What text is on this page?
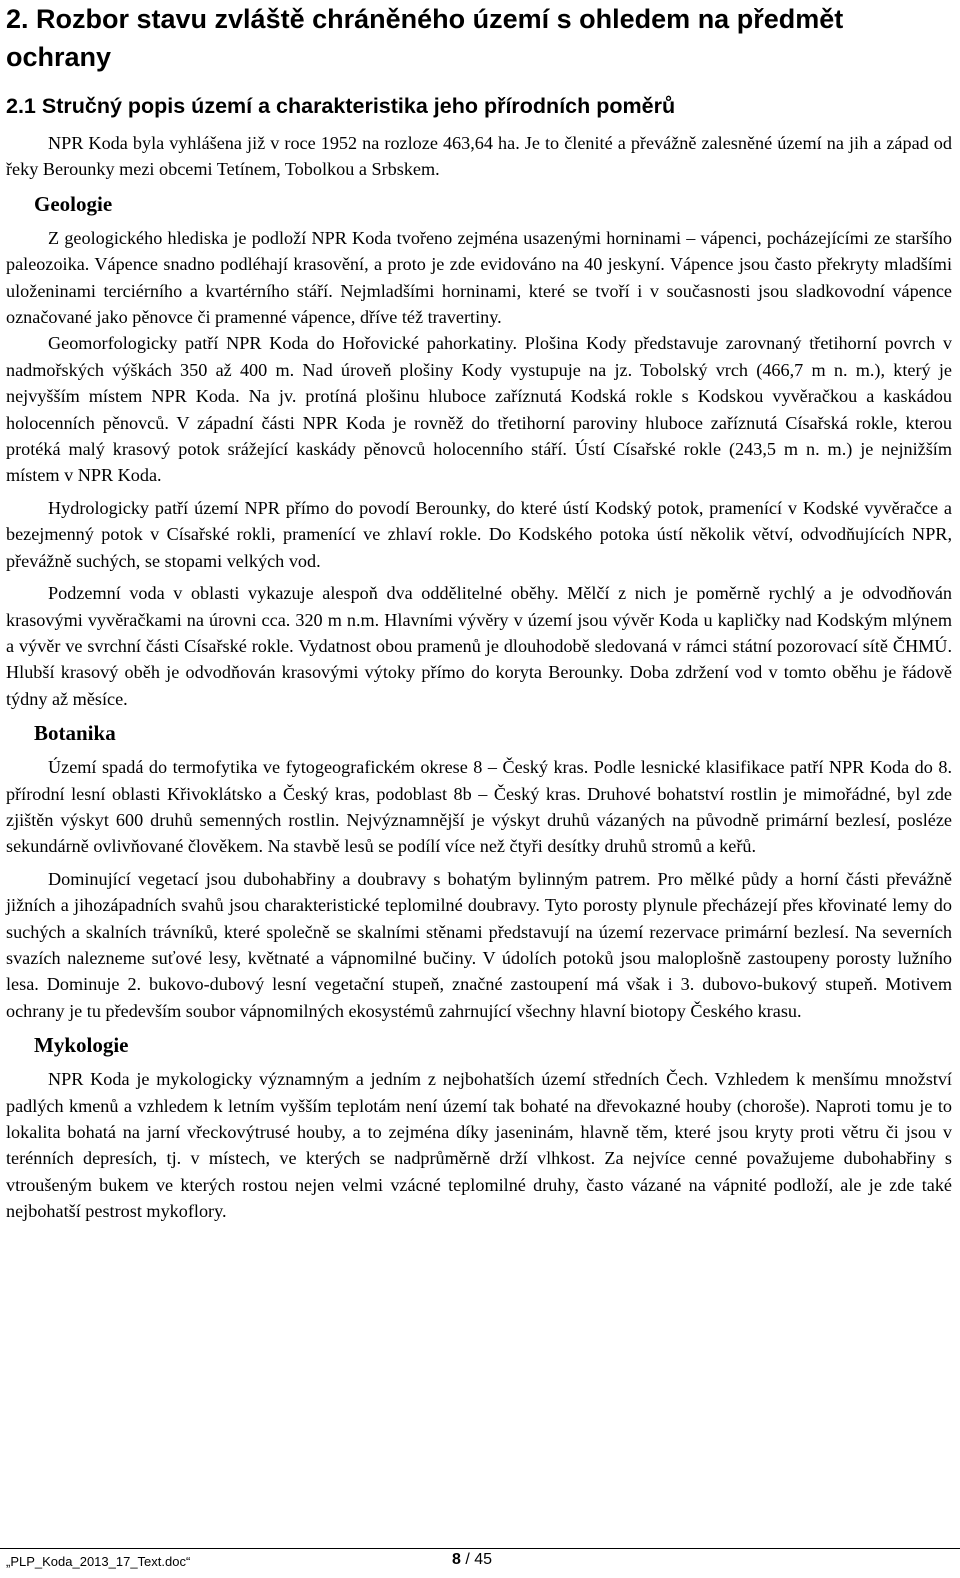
2. Rozbor stavu zvláště chráněného území s ohledem na předmět ochrany
2.1 Stručný popis území a charakteristika jeho přírodních poměrů

NPR Koda byla vyhlášena již v roce 1952 na rozloze 463,64 ha. Je to členité a převážně zalesněné území na jih a západ od řeky Berounky mezi obcemi Tetínem, Tobolkou a Srbskem.

Geologie

Z geologického hlediska je podloží NPR Koda tvořeno zejména usazenými horninami – vápenci, pocházejícími ze staršího paleozoika. Vápence snadno podléhají krasovění, a proto je zde evidováno na 40 jeskyní. Vápence jsou často překryty mladšími uloženinami terciérního a kvartérního stáří. Nejmladšími horninami, které se tvoří i v současnosti jsou sladkovodní vápence označované jako pěnovce či pramenné vápence, dříve též travertiny.

Geomorfologicky patří NPR Koda do Hořovické pahorkatiny. Plošina Kody představuje zarovnaný třetihorní povrch v nadmořských výškách 350 až 400 m. Nad úroveň plošiny Kody vystupuje na jz. Tobolský vrch (466,7 m n. m.), který je nejvyšším místem NPR Koda. Na jv. protíná plošinu hluboce zaříznutá Kodská rokle s Kodskou vyvěračkou a kaskádou holocenních pěnovců. V západní části NPR Koda je rovněž do třetihorní paroviny hluboce zaříznutá Císařská rokle, kterou protéká malý krasový potok srážející kaskády pěnovců holocenního stáří. Ústí Císařské rokle (243,5 m n. m.) je nejnižším místem v NPR Koda.

Hydrologicky patří území NPR přímo do povodí Berounky, do které ústí Kodský potok, pramenící v Kodské vyvěračce a bezejmenný potok v Císařské rokli, pramenící ve zhlaví rokle. Do Kodského potoka ústí několik větví, odvodňujících NPR, převážně suchých, se stopami velkých vod.

Podzemní voda v oblasti vykazuje alespoň dva oddělitelné oběhy. Mělčí z nich je poměrně rychlý a je odvodňován krasovými vyvěračkami na úrovni cca. 320 m n.m. Hlavními vývěry v území jsou vývěr Koda u kapličky nad Kodským mlýnem a vývěr ve svrchní části Císařské rokle. Vydatnost obou pramenů je dlouhodobě sledovaná v rámci státní pozorovací sítě ČHMÚ. Hlubší krasový oběh je odvodňován krasovými výtoky přímo do koryta Berounky. Doba zdržení vod v tomto oběhu je řádově týdny až měsíce.

Botanika

Území spadá do termofytika ve fytogeografickém okrese 8 – Český kras. Podle lesnické klasifikace patří NPR Koda do 8. přírodní lesní oblasti Křivoklátsko a Český kras, podoblast 8b – Český kras. Druhové bohatství rostlin je mimořádné, byl zde zjištěn výskyt 600 druhů semenných rostlin. Nejvýznamnější je výskyt druhů vázaných na původně primární bezlesí, posléze sekundárně ovlivňované člověkem. Na stavbě lesů se podílí více než čtyři desítky druhů stromů a keřů.

Dominující vegetací jsou dubohabřiny a doubravy s bohatým bylinným patrem. Pro mělké půdy a horní části převážně jižních a jihozápadních svahů jsou charakteristické teplomilné doubravy. Tyto porosty plynule přecházejí přes křovinaté lemy do suchých a skalních trávníků, které společně se skalními stěnami představují na území rezervace primární bezlesí. Na severních svazích nalezneme suťové lesy, květnaté a vápnomilné bučiny. V údolích potoků jsou maloplošně zastoupeny porosty lužního lesa. Dominuje 2. bukovo-dubový lesní vegetační stupeň, značné zastoupení má však i 3. dubovo-bukový stupeň. Motivem ochrany je tu především soubor vápnomilných ekosystémů zahrnující všechny hlavní biotopy Českého krasu.

Mykologie

NPR Koda je mykologicky významným a jedním z nejbohatších území středních Čech. Vzhledem k menšímu množství padlých kmenů a vzhledem k letním vyšším teplotám není území tak bohaté na dřevokazné houby (choroše). Naproti tomu je to lokalita bohatá na jarní vřeckovýtrusé houby, a to zejména díky jaseninám, hlavně těm, které jsou kryty proti větru či jsou v terénních depresích, tj. v místech, ve kterých se nadprůměrně drží vlhkost. Za nejvíce cenné považujeme dubohabřiny s vtroušeným bukem ve kterých rostou nejen velmi vzácné teplomilné druhy, často vázané na vápnité podloží, ale je zde také nejbohatší pestrost mykoflory.

„PLP_Koda_2013_17_Text.doc“	8 / 45
